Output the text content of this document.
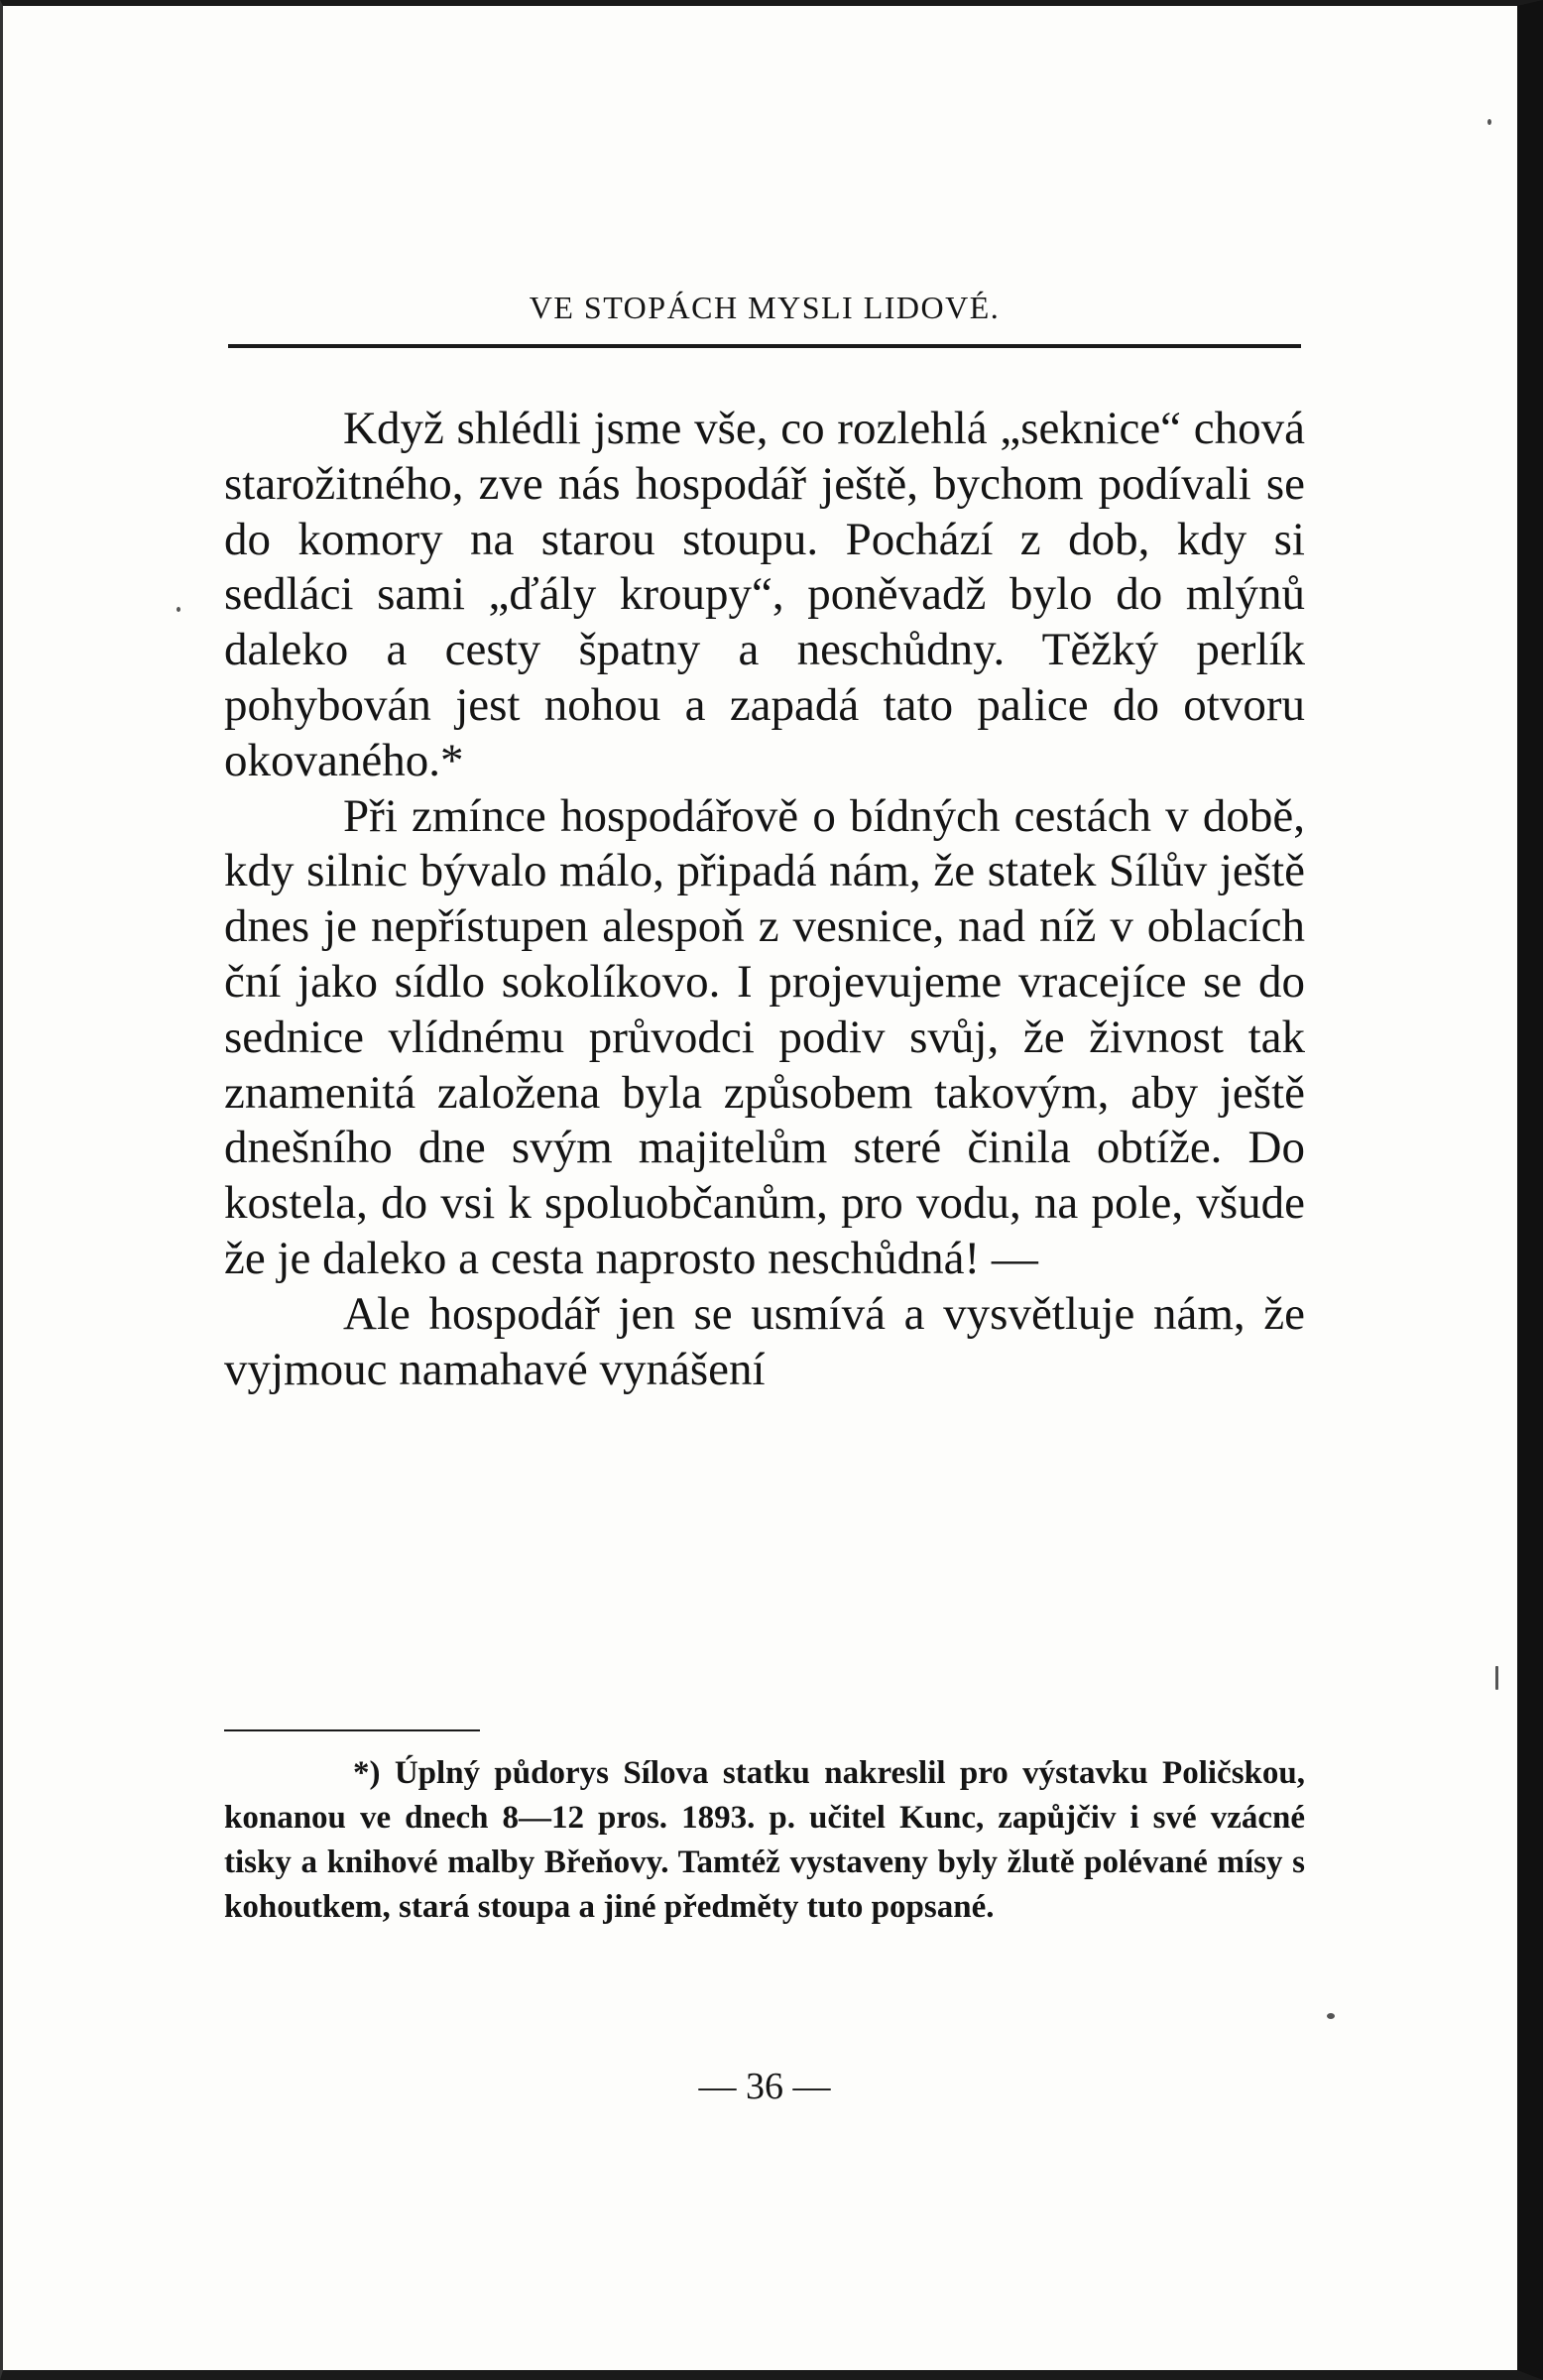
VE STOPÁCH MYSLI LIDOVÉ.

Když shlédli jsme vše, co rozlehlá „seknice“ chová starožitného, zve nás hospodář ještě, bychom podívali se do komory na starou stoupu. Pochází z dob, kdy si sedláci sami „ďály kroupy“, poněvadž bylo do mlýnů daleko a cesty špatny a neschůdny. Těžký perlík pohybován jest nohou a zapadá tato palice do otvoru okovaného.*

Při zmínce hospodářově o bídných cestách v době, kdy silnic bývalo málo, připadá nám, že statek Sílův ještě dnes je nepřístupen alespoň z vesnice, nad níž v oblacích ční jako sídlo sokolíkovo. I projevujeme vracejíce se do sednice vlídnému průvodci podiv svůj, že živnost tak znamenitá založena byla způsobem takovým, aby ještě dnešního dne svým majitelům steré činila obtíže. Do kostela, do vsi k spoluobčanům, pro vodu, na pole, všude že je daleko a cesta naprosto neschůdná! —

Ale hospodář jen se usmívá a vysvětluje nám, že vyjmouc namahavé vynášení

*) Úplný půdorys Sílova statku nakreslil pro výstavku Poličskou, konanou ve dnech 8—12 pros. 1893. p. učitel Kunc, zapůjčiv i své vzácné tisky a knihové malby Břeňovy. Tamtéž vystaveny byly žlutě polévané mísy s kohoutkem, stará stoupa a jiné předměty tuto popsané.

— 36 —
